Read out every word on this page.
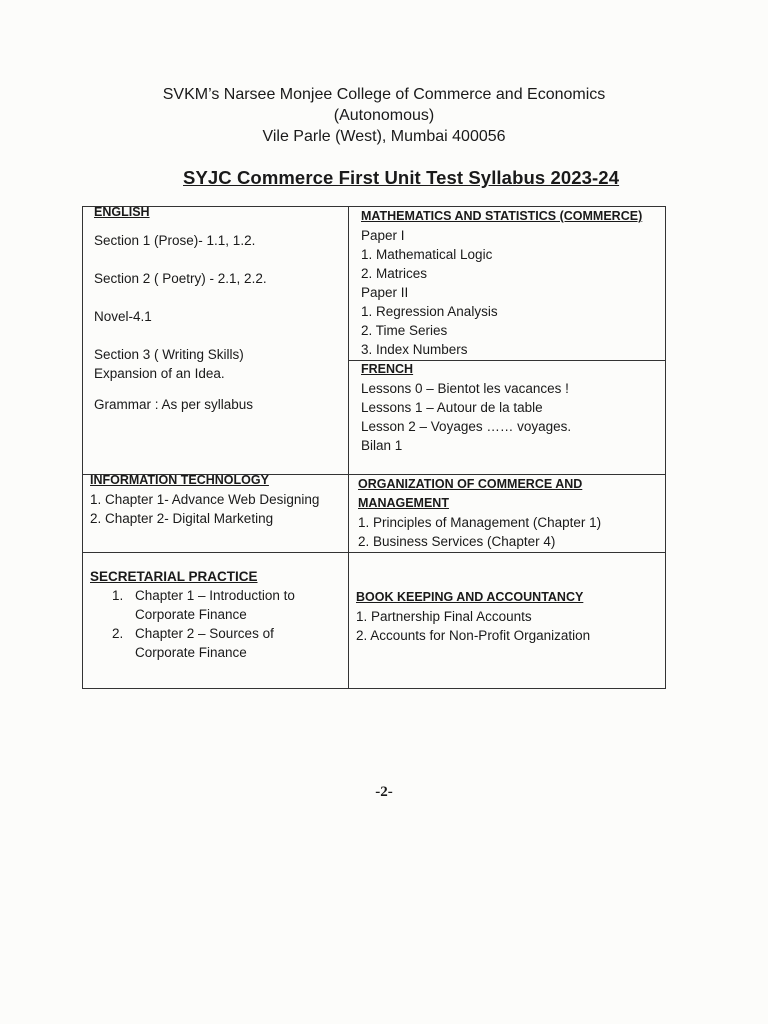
SVKM’s Narsee Monjee College of Commerce and Economics
(Autonomous)
Vile Parle (West), Mumbai 400056
SYJC Commerce First Unit Test Syllabus 2023-24
ENGLISH
Section 1 (Prose)- 1.1, 1.2.
Section 2 ( Poetry) - 2.1, 2.2.
Novel-4.1
Section 3 ( Writing Skills)
Expansion of an Idea.
Grammar : As per syllabus
MATHEMATICS AND STATISTICS (COMMERCE)
Paper I
1. Mathematical Logic
2. Matrices
Paper II
1. Regression Analysis
2. Time Series
3. Index Numbers
FRENCH
Lessons 0 – Bientot les vacances !
Lessons 1 – Autour de la table
Lesson 2 – Voyages …… voyages.
Bilan 1
INFORMATION TECHNOLOGY
1. Chapter 1- Advance Web Designing
2. Chapter 2- Digital Marketing
ORGANIZATION OF COMMERCE AND
MANAGEMENT
1. Principles of Management (Chapter 1)
2. Business Services (Chapter 4)
SECRETARIAL PRACTICE
1. Chapter 1 – Introduction to
Corporate Finance
2. Chapter 2 – Sources of
Corporate Finance
BOOK KEEPING AND ACCOUNTANCY
1. Partnership Final Accounts
2. Accounts for Non-Profit Organization
-2-
